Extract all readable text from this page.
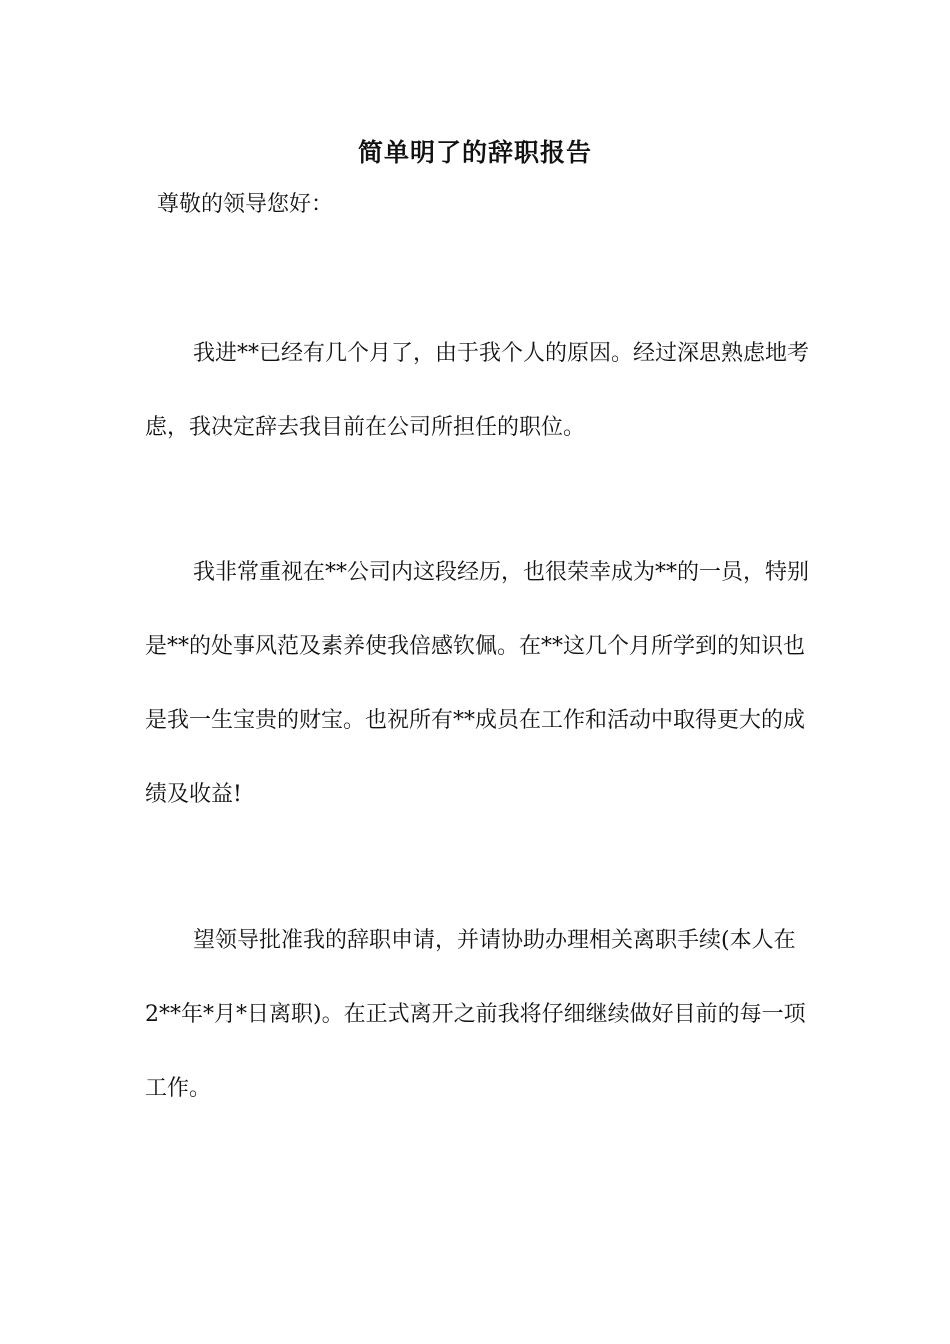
简单明了的辞职报告
尊敬的领导您好：

我进**已经有几个月了，由于我个人的原因。经过深思熟虑地考虑，我决定辞去我目前在公司所担任的职位。

我非常重视在**公司内这段经历，也很荣幸成为**的一员，特别是**的处事风范及素养使我倍感钦佩。在**这几个月所学到的知识也是我一生宝贵的财宝。也祝所有**成员在工作和活动中取得更大的成绩及收益!

望领导批准我的辞职申请，并请协助办理相关离职手续(本人在 2**年*月*日离职)。在正式离开之前我将仔细继续做好目前的每一项工作。
